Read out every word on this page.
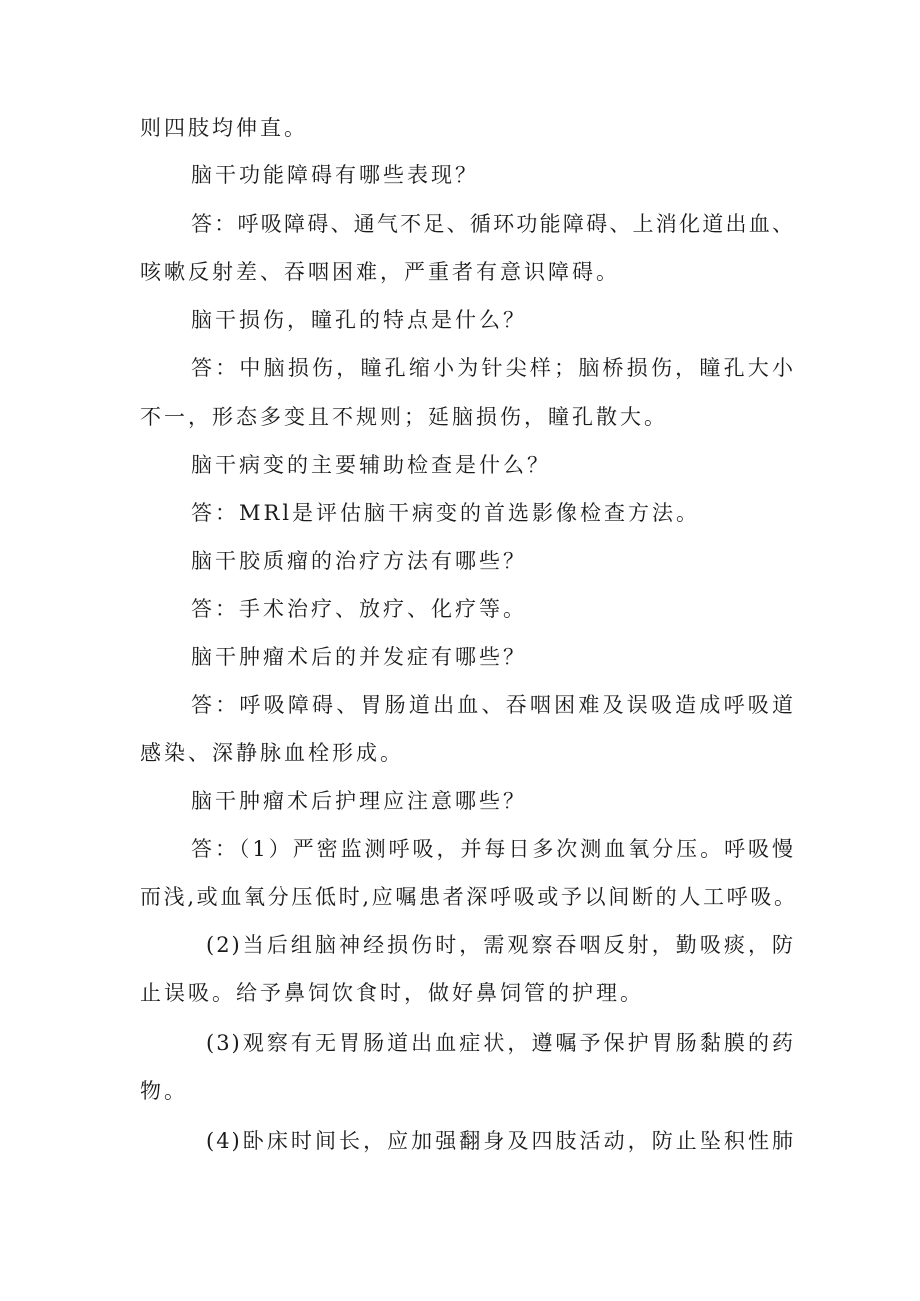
则四肢均伸直。

脑干功能障碍有哪些表现？

答：呼吸障碍、通气不足、循环功能障碍、上消化道出血、

咳嗽反射差、吞咽困难，严重者有意识障碍。

脑干损伤，瞳孔的特点是什么？

答：中脑损伤，瞳孔缩小为针尖样；脑桥损伤，瞳孔大小

不一，形态多变且不规则；延脑损伤，瞳孔散大。

脑干病变的主要辅助检查是什么？

答：MRl是评估脑干病变的首选影像检查方法。

脑干胶质瘤的治疗方法有哪些？

答：手术治疗、放疗、化疗等。

脑干肿瘤术后的并发症有哪些？

答：呼吸障碍、胃肠道出血、吞咽困难及误吸造成呼吸道

感染、深静脉血栓形成。

脑干肿瘤术后护理应注意哪些？

答：（1）严密监测呼吸，并每日多次测血氧分压。呼吸慢

而浅,或血氧分压低时,应嘱患者深呼吸或予以间断的人工呼吸。

(2)当后组脑神经损伤时，需观察吞咽反射，勤吸痰，防

止误吸。给予鼻饲饮食时，做好鼻饲管的护理。

(3)观察有无胃肠道出血症状，遵嘱予保护胃肠黏膜的药

物。

(4)卧床时间长，应加强翻身及四肢活动，防止坠积性肺
